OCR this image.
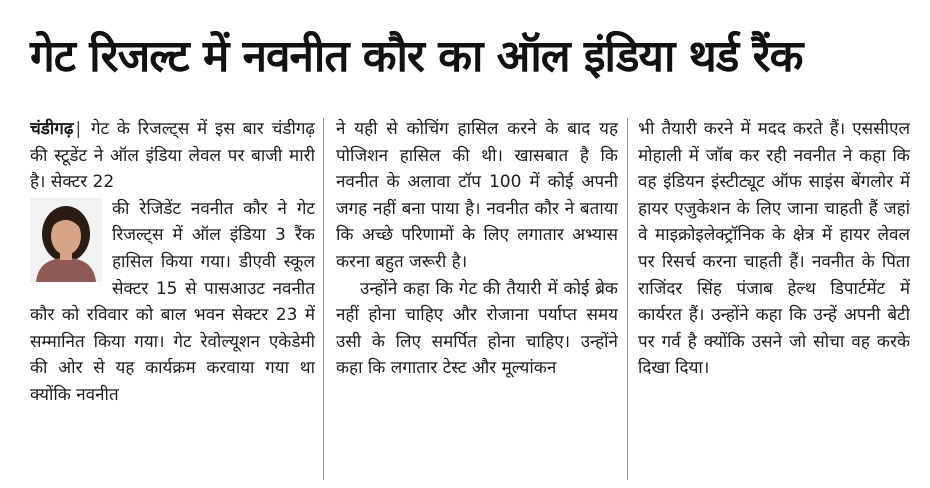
गेट रिजल्ट में नवनीत कौर का ऑल इंडिया थर्ड रैंक

चंडीगढ़ | गेट के रिजल्ट्स में इस बार चंडीगढ़ की स्टूडेंट ने ऑल इंडिया लेवल पर बाजी मारी है। सेक्टर 22

की रेजिडेंट नवनीत कौर ने गेट रिजल्ट्स में ऑल इंडिया 3 रैंक हासिल किया गया। डीएवी स्कूल सेक्टर 15 से पासआउट नवनीत कौर को रविवार को बाल भवन सेक्टर 23 में सम्मानित किया गया। गेट रेवोल्यूशन एकेडेमी की ओर से यह कार्यक्रम करवाया गया था क्योंकि नवनीत

ने यही से कोचिंग हासिल करने के बाद यह पोजिशन हासिल की थी। खासबात है कि नवनीत के अलावा टॉप 100 में कोई अपनी जगह नहीं बना पाया है। नवनीत कौर ने बताया कि अच्छे परिणामों के लिए लगातार अभ्यास करना बहुत जरूरी है।

उन्होंने कहा कि गेट की तैयारी में कोई ब्रेक नहीं होना चाहिए और रोजाना पर्याप्त समय उसी के लिए समर्पित होना चाहिए। उन्होंने कहा कि लगातार टेस्ट और मूल्यांकन

भी तैयारी करने में मदद करते हैं। एससीएल मोहाली में जॉब कर रही नवनीत ने कहा कि वह इंडियन इंस्टीट्यूट ऑफ साइंस बेंगलोर में हायर एजुकेशन के लिए जाना चाहती हैं जहां वे माइक्रोइलेक्ट्रॉनिक के क्षेत्र में हायर लेवल पर रिसर्च करना चाहती हैं। नवनीत के पिता राजिंदर सिंह पंजाब हेल्थ डिपार्टमेंट में कार्यरत हैं। उन्होंने कहा कि उन्हें अपनी बेटी पर गर्व है क्योंकि उसने जो सोचा वह करके दिखा दिया।
